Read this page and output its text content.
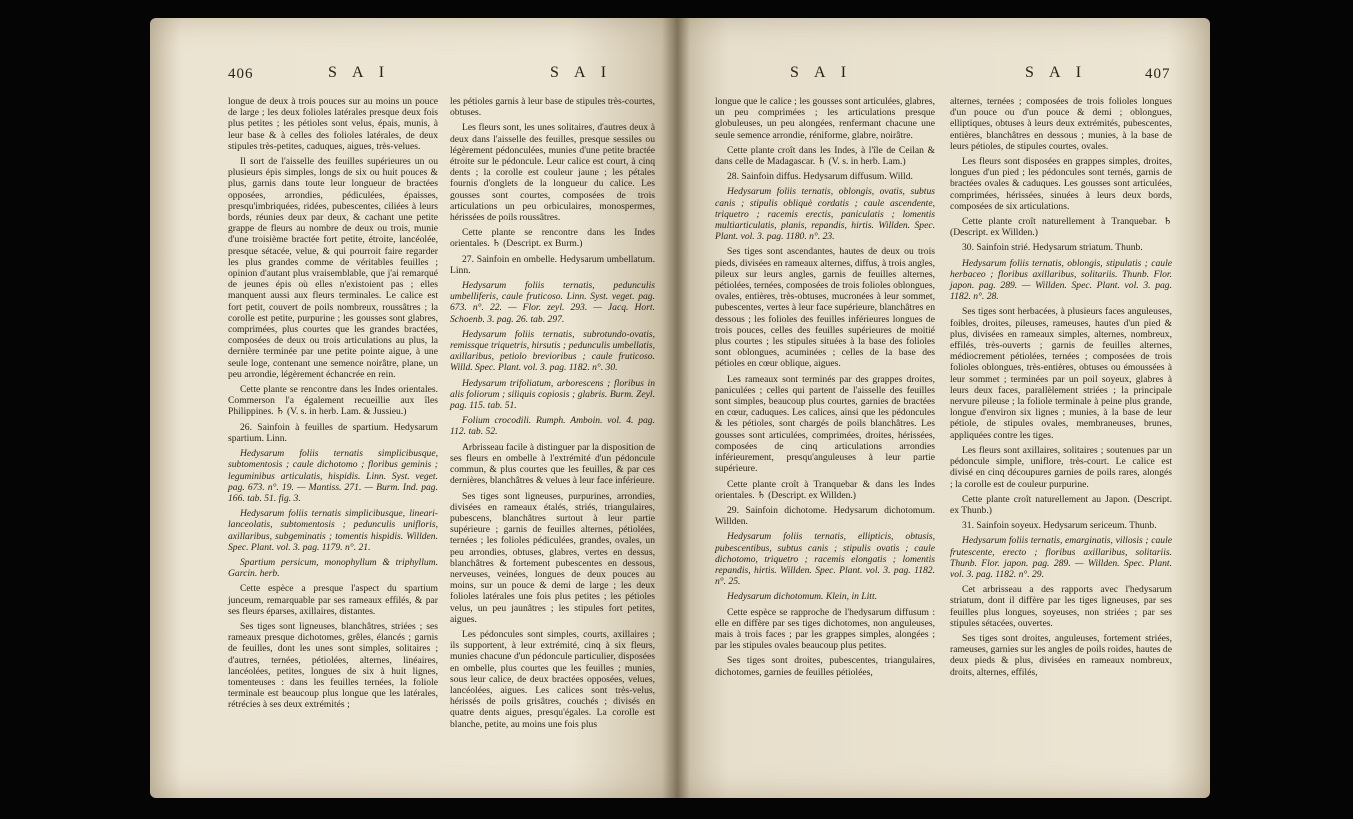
406	S A I	S A I

longue de deux à trois pouces sur au moins un pouce de large ; les deux folioles latérales presque deux fois plus petites ; les pétioles sont velus, épais, munis, à leur base & à celles des folioles latérales, de deux stipules très-petites, caduques, aigues, très-velues.

Il sort de l'aisselle des feuilles supérieures un ou plusieurs épis simples, longs de six ou huit pouces & plus, garnis dans toute leur longueur de bractées opposées, arrondies, pédiculées, épaisses, presqu'imbriquées, ridées, pubescentes, ciliées à leurs bords, réunies deux par deux, & cachant une petite grappe de fleurs au nombre de deux ou trois, munie d'une troisième bractée fort petite, étroite, lancéolée, presque sétacée, velue, & qui pourroit faire regarder les plus grandes comme de véritables feuilles ; opinion d'autant plus vraisemblable, que j'ai remarqué de jeunes épis où elles n'existoient pas ; elles manquent aussi aux fleurs terminales. Le calice est fort petit, couvert de poils nombreux, roussâtres ; la corolle est petite, purpurine ; les gousses sont glabres, comprimées, plus courtes que les grandes bractées, composées de deux ou trois articulations au plus, la dernière terminée par une petite pointe aigue, à une seule loge, contenant une semence noirâtre, plane, un peu arrondie, légèrement échancrée en rein.

Cette plante se rencontre dans les Indes orientales. Commerson l'a également recueillie aux îles Philippines. ♄ (V. s. in herb. Lam. & Jussieu.)

26. Sainfoin à feuilles de spartium. Hedysarum spartium. Linn.

Hedysarum foliis ternatis simplicibusque, subtomentosis ; caule dichotomo ; floribus geminis ; leguminibus articulatis, hispidis. Linn. Syst. veget. pag. 673. n°. 19. — Mantiss. 271. — Burm. Ind. pag. 166. tab. 51. fig. 3.

Hedysarum foliis ternatis simplicibusque, lineari-lanceolatis, subtomentosis ; pedunculis unifloris, axillaribus, subgeminatis ; tomentis hispidis. Willden. Spec. Plant. vol. 3. pag. 1179. n°. 21.

Spartium persicum, monophyllum & triphyllum. Garcin. herb.

Cette espèce a presque l'aspect du spartium junceum, remarquable par ses rameaux effilés, & par ses fleurs éparses, axillaires, distantes.

Ses tiges sont ligneuses, blanchâtres, striées ; ses rameaux presque dichotomes, grêles, élancés ; garnis de feuilles, dont les unes sont simples, solitaires ; d'autres, ternées, pétiolées, alternes, linéaires, lancéolées, petites, longues de six à huit lignes, tomenteuses : dans les feuilles ternées, la foliole terminale est beaucoup plus longue que les latérales, rétrécies à ses deux extrémités ;

les pétioles garnis à leur base de stipules très-courtes, obtuses.

Les fleurs sont, les unes solitaires, d'autres deux à deux dans l'aisselle des feuilles, presque sessiles ou légèrement pédonculées, munies d'une petite bractée étroite sur le pédoncule. Leur calice est court, à cinq dents ; la corolle est couleur jaune ; les pétales fournis d'onglets de la longueur du calice. Les gousses sont courtes, composées de trois articulations un peu orbiculaires, monospermes, hérissées de poils roussâtres.

Cette plante se rencontre dans les Indes orientales. ♄ (Descript. ex Burm.)

27. Sainfoin en ombelle. Hedysarum umbellatum. Linn.

Hedysarum foliis ternatis, pedunculis umbelliferis, caule fruticoso. Linn. Syst. veget. pag. 673. n°. 22. — Flor. zeyl. 293. — Jacq. Hort. Schoenb. 3. pag. 26. tab. 297.

Hedysarum foliis ternatis, subrotundo-ovatis, remissque triquetris, hirsutis ; pedunculis umbellatis, axillaribus, petiolo brevioribus ; caule fruticoso. Willd. Spec. Plant. vol. 3. pag. 1182. n°. 30.

Hedysarum trifoliatum, arborescens ; floribus in alis foliorum ; siliquis copiosis ; glabris. Burm. Zeyl. pag. 115. tab. 51.

Folium crocodili. Rumph. Amboin. vol. 4. pag. 112. tab. 52.

Arbrisseau facile à distinguer par la disposition de ses fleurs en ombelle à l'extrémité d'un pédoncule commun, & plus courtes que les feuilles, & par ces dernières, blanchâtres & velues à leur face inférieure.

Ses tiges sont ligneuses, purpurines, arrondies, divisées en rameaux étalés, striés, triangulaires, pubescens, blanchâtres surtout à leur partie supérieure ; garnis de feuilles alternes, pétiolées, ternées ; les folioles pédiculées, grandes, ovales, un peu arrondies, obtuses, glabres, vertes en dessus, blanchâtres & fortement pubescentes en dessous, nerveuses, veinées, longues de deux pouces au moins, sur un pouce & demi de large ; les deux folioles latérales une fois plus petites ; les pétioles velus, un peu jaunâtres ; les stipules fort petites, aigues.

Les pédoncules sont simples, courts, axillaires ; ils supportent, à leur extrémité, cinq à six fleurs, munies chacune d'un pédoncule particulier, disposées en ombelle, plus courtes que les feuilles ; munies, sous leur calice, de deux bractées opposées, velues, lancéolées, aigues. Les calices sont très-velus, hérissés de poils grisâtres, couchés ; divisés en quatre dents aigues, presqu'égales. La corolle est blanche, petite, au moins une fois plus

S A I	S A I	407

longue que le calice ; les gousses sont articulées, glabres, un peu comprimées ; les articulations presque globuleuses, un peu alongées, renfermant chacune une seule semence arrondie, réniforme, glabre, noirâtre.

Cette plante croît dans les Indes, à l'île de Ceilan & dans celle de Madagascar. ♄ (V. s. in herb. Lam.)

28. Sainfoin diffus. Hedysarum diffusum. Willd.

Hedysarum foliis ternatis, oblongis, ovatis, subtus canis ; stipulis obliquè cordatis ; caule ascendente, triquetro ; racemis erectis, paniculatis ; lomentis multiarticulatis, planis, repandis, hirtis. Willden. Spec. Plant. vol. 3. pag. 1180. n°. 23.

Ses tiges sont ascendantes, hautes de deux ou trois pieds, divisées en rameaux alternes, diffus, à trois angles, pileux sur leurs angles, garnis de feuilles alternes, pétiolées, ternées, composées de trois folioles oblongues, ovales, entières, très-obtuses, mucronées à leur sommet, pubescentes, vertes à leur face supérieure, blanchâtres en dessous ; les folioles des feuilles inférieures longues de trois pouces, celles des feuilles supérieures de moitié plus courtes ; les stipules situées à la base des folioles sont oblongues, acuminées ; celles de la base des pétioles en cœur oblique, aigues.

Les rameaux sont terminés par des grappes droites, paniculées ; celles qui partent de l'aisselle des feuilles sont simples, beaucoup plus courtes, garnies de bractées en cœur, caduques. Les calices, ainsi que les pédoncules & les pétioles, sont chargés de poils blanchâtres. Les gousses sont articulées, comprimées, droites, hérissées, composées de cinq articulations arrondies inférieurement, presqu'anguleuses à leur partie supérieure.

Cette plante croît à Tranquebar & dans les Indes orientales. ♄ (Descript. ex Willden.)

29. Sainfoin dichotome. Hedysarum dichotomum. Willden.

Hedysarum foliis ternatis, ellipticis, obtusis, pubescentibus, subtus canis ; stipulis ovatis ; caule dichotomo, triquetro ; racemis elongatis ; lomentis repandis, hirtis. Willden. Spec. Plant. vol. 3. pag. 1182. n°. 25.

Hedysarum dichotomum. Klein, in Litt.

Cette espèce se rapproche de l'hedysarum diffusum : elle en diffère par ses tiges dichotomes, non anguleuses, mais à trois faces ; par les grappes simples, alongées ; par les stipules ovales beaucoup plus petites.

Ses tiges sont droites, pubescentes, triangulaires, dichotomes, garnies de feuilles pétiolées,

alternes, ternées ; composées de trois folioles longues d'un pouce ou d'un pouce & demi ; oblongues, elliptiques, obtuses à leurs deux extrémités, pubescentes, entières, blanchâtres en dessous ; munies, à la base de leurs pétioles, de stipules courtes, ovales.

Les fleurs sont disposées en grappes simples, droites, longues d'un pied ; les pédoncules sont ternés, garnis de bractées ovales & caduques. Les gousses sont articulées, comprimées, hérissées, sinuées à leurs deux bords, composées de six articulations.

Cette plante croît naturellement à Tranquebar. ♄ (Descript. ex Willden.)

30. Sainfoin strié. Hedysarum striatum. Thunb.

Hedysarum foliis ternatis, oblongis, stipulatis ; caule herbaceo ; floribus axillaribus, solitariis. Thunb. Flor. japon. pag. 289. — Willden. Spec. Plant. vol. 3. pag. 1182. n°. 28.

Ses tiges sont herbacées, à plusieurs faces anguleuses, foibles, droites, pileuses, rameuses, hautes d'un pied & plus, divisées en rameaux simples, alternes, nombreux, effilés, très-ouverts ; garnis de feuilles alternes, médiocrement pétiolées, ternées ; composées de trois folioles oblongues, très-entières, obtuses ou émoussées à leur sommet ; terminées par un poil soyeux, glabres à leurs deux faces, parallèlement striées ; la principale nervure pileuse ; la foliole terminale à peine plus grande, longue d'environ six lignes ; munies, à la base de leur pétiole, de stipules ovales, membraneuses, brunes, appliquées contre les tiges.

Les fleurs sont axillaires, solitaires ; soutenues par un pédoncule simple, uniflore, très-court. Le calice est divisé en cinq découpures garnies de poils rares, alongés ; la corolle est de couleur purpurine.

Cette plante croît naturellement au Japon. (Descript. ex Thunb.)

31. Sainfoin soyeux. Hedysarum sericeum. Thunb.

Hedysarum foliis ternatis, emarginatis, villosis ; caule frutescente, erecto ; floribus axillaribus, solitariis. Thunb. Flor. japon. pag. 289. — Willden. Spec. Plant. vol. 3. pag. 1182. n°. 29.

Cet arbrisseau a des rapports avec l'hedysarum striatum, dont il diffère par les tiges ligneuses, par ses feuilles plus longues, soyeuses, non striées ; par ses stipules sétacées, ouvertes.

Ses tiges sont droites, anguleuses, fortement striées, rameuses, garnies sur les angles de poils roides, hautes de deux pieds & plus, divisées en rameaux nombreux, droits, alternes, effilés,
